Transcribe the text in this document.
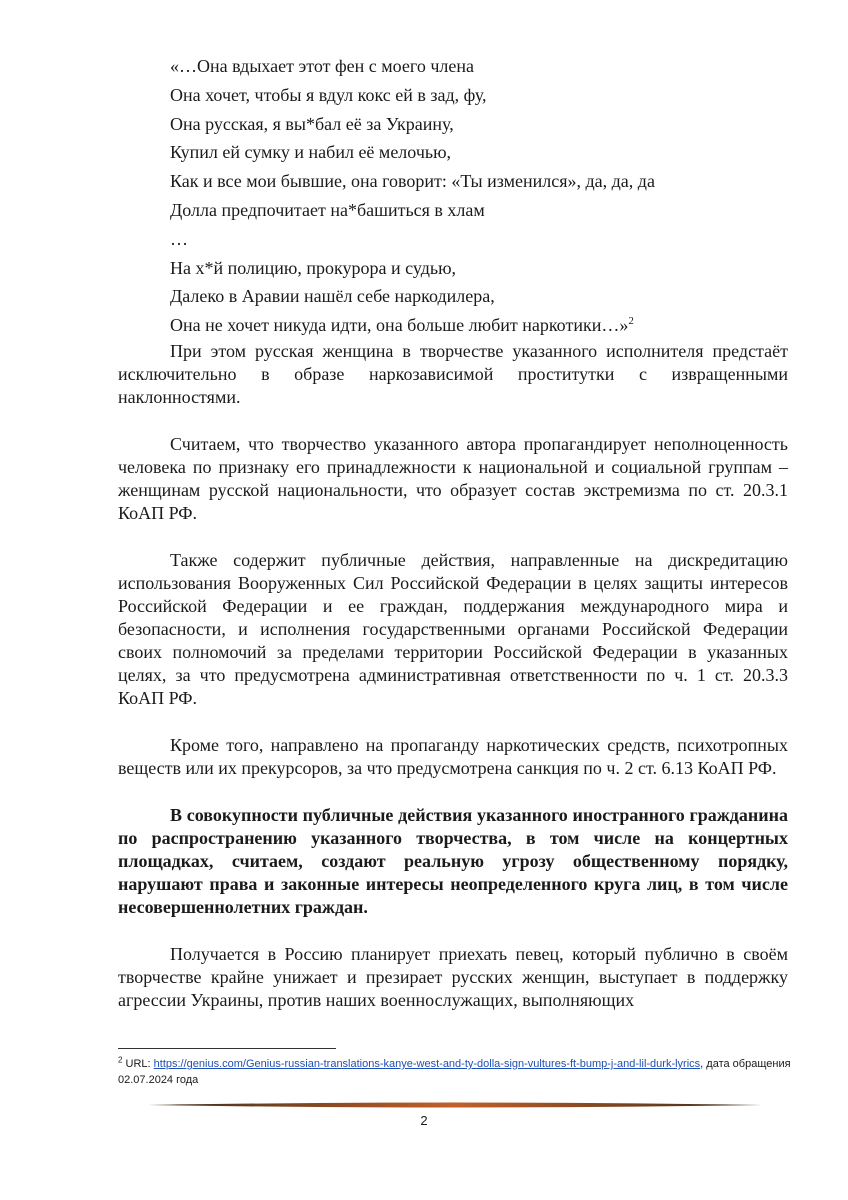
«…Она вдыхает этот фен с моего члена
Она хочет, чтобы я вдул кокс ей в зад, фу,
Она русская, я вы*бал её за Украину,
Купил ей сумку и набил её мелочью,
Как и все мои бывшие, она говорит: «Ты изменился», да, да, да
Долла предпочитает на*башиться в хлам
…
На х*й полицию, прокурора и судью,
Далеко в Аравии нашёл себе наркодилера,
Она не хочет никуда идти, она больше любит наркотики…»$^2$

При этом русская женщина в творчестве указанного исполнителя предстаёт исключительно в образе наркозависимой проститутки с извращенными наклонностями.

Считаем, что творчество указанного автора пропагандирует неполноценность человека по признаку его принадлежности к национальной и социальной группам – женщинам русской национальности, что образует состав экстремизма по ст. 20.3.1 КоАП РФ.

Также содержит публичные действия, направленные на дискредитацию использования Вооруженных Сил Российской Федерации в целях защиты интересов Российской Федерации и ее граждан, поддержания международного мира и безопасности, и исполнения государственными органами Российской Федерации своих полномочий за пределами территории Российской Федерации в указанных целях, за что предусмотрена административная ответственности по ч. 1 ст. 20.3.3 КоАП РФ.

Кроме того, направлено на пропаганду наркотических средств, психотропных веществ или их прекурсоров, за что предусмотрена санкция по ч. 2 ст. 6.13 КоАП РФ.

В совокупности публичные действия указанного иностранного гражданина по распространению указанного творчества, в том числе на концертных площадках, считаем, создают реальную угрозу общественному порядку, нарушают права и законные интересы неопределенного круга лиц, в том числе несовершеннолетних граждан.

Получается в Россию планирует приехать певец, который публично в своём творчестве крайне унижает и презирает русских женщин, выступает в поддержку агрессии Украины, против наших военнослужащих, выполняющих

$^2$ URL: https://genius.com/Genius-russian-translations-kanye-west-and-ty-dolla-sign-vultures-ft-bump-j-and-lil-durk-lyrics, дата обращения 02.07.2024 года
2
